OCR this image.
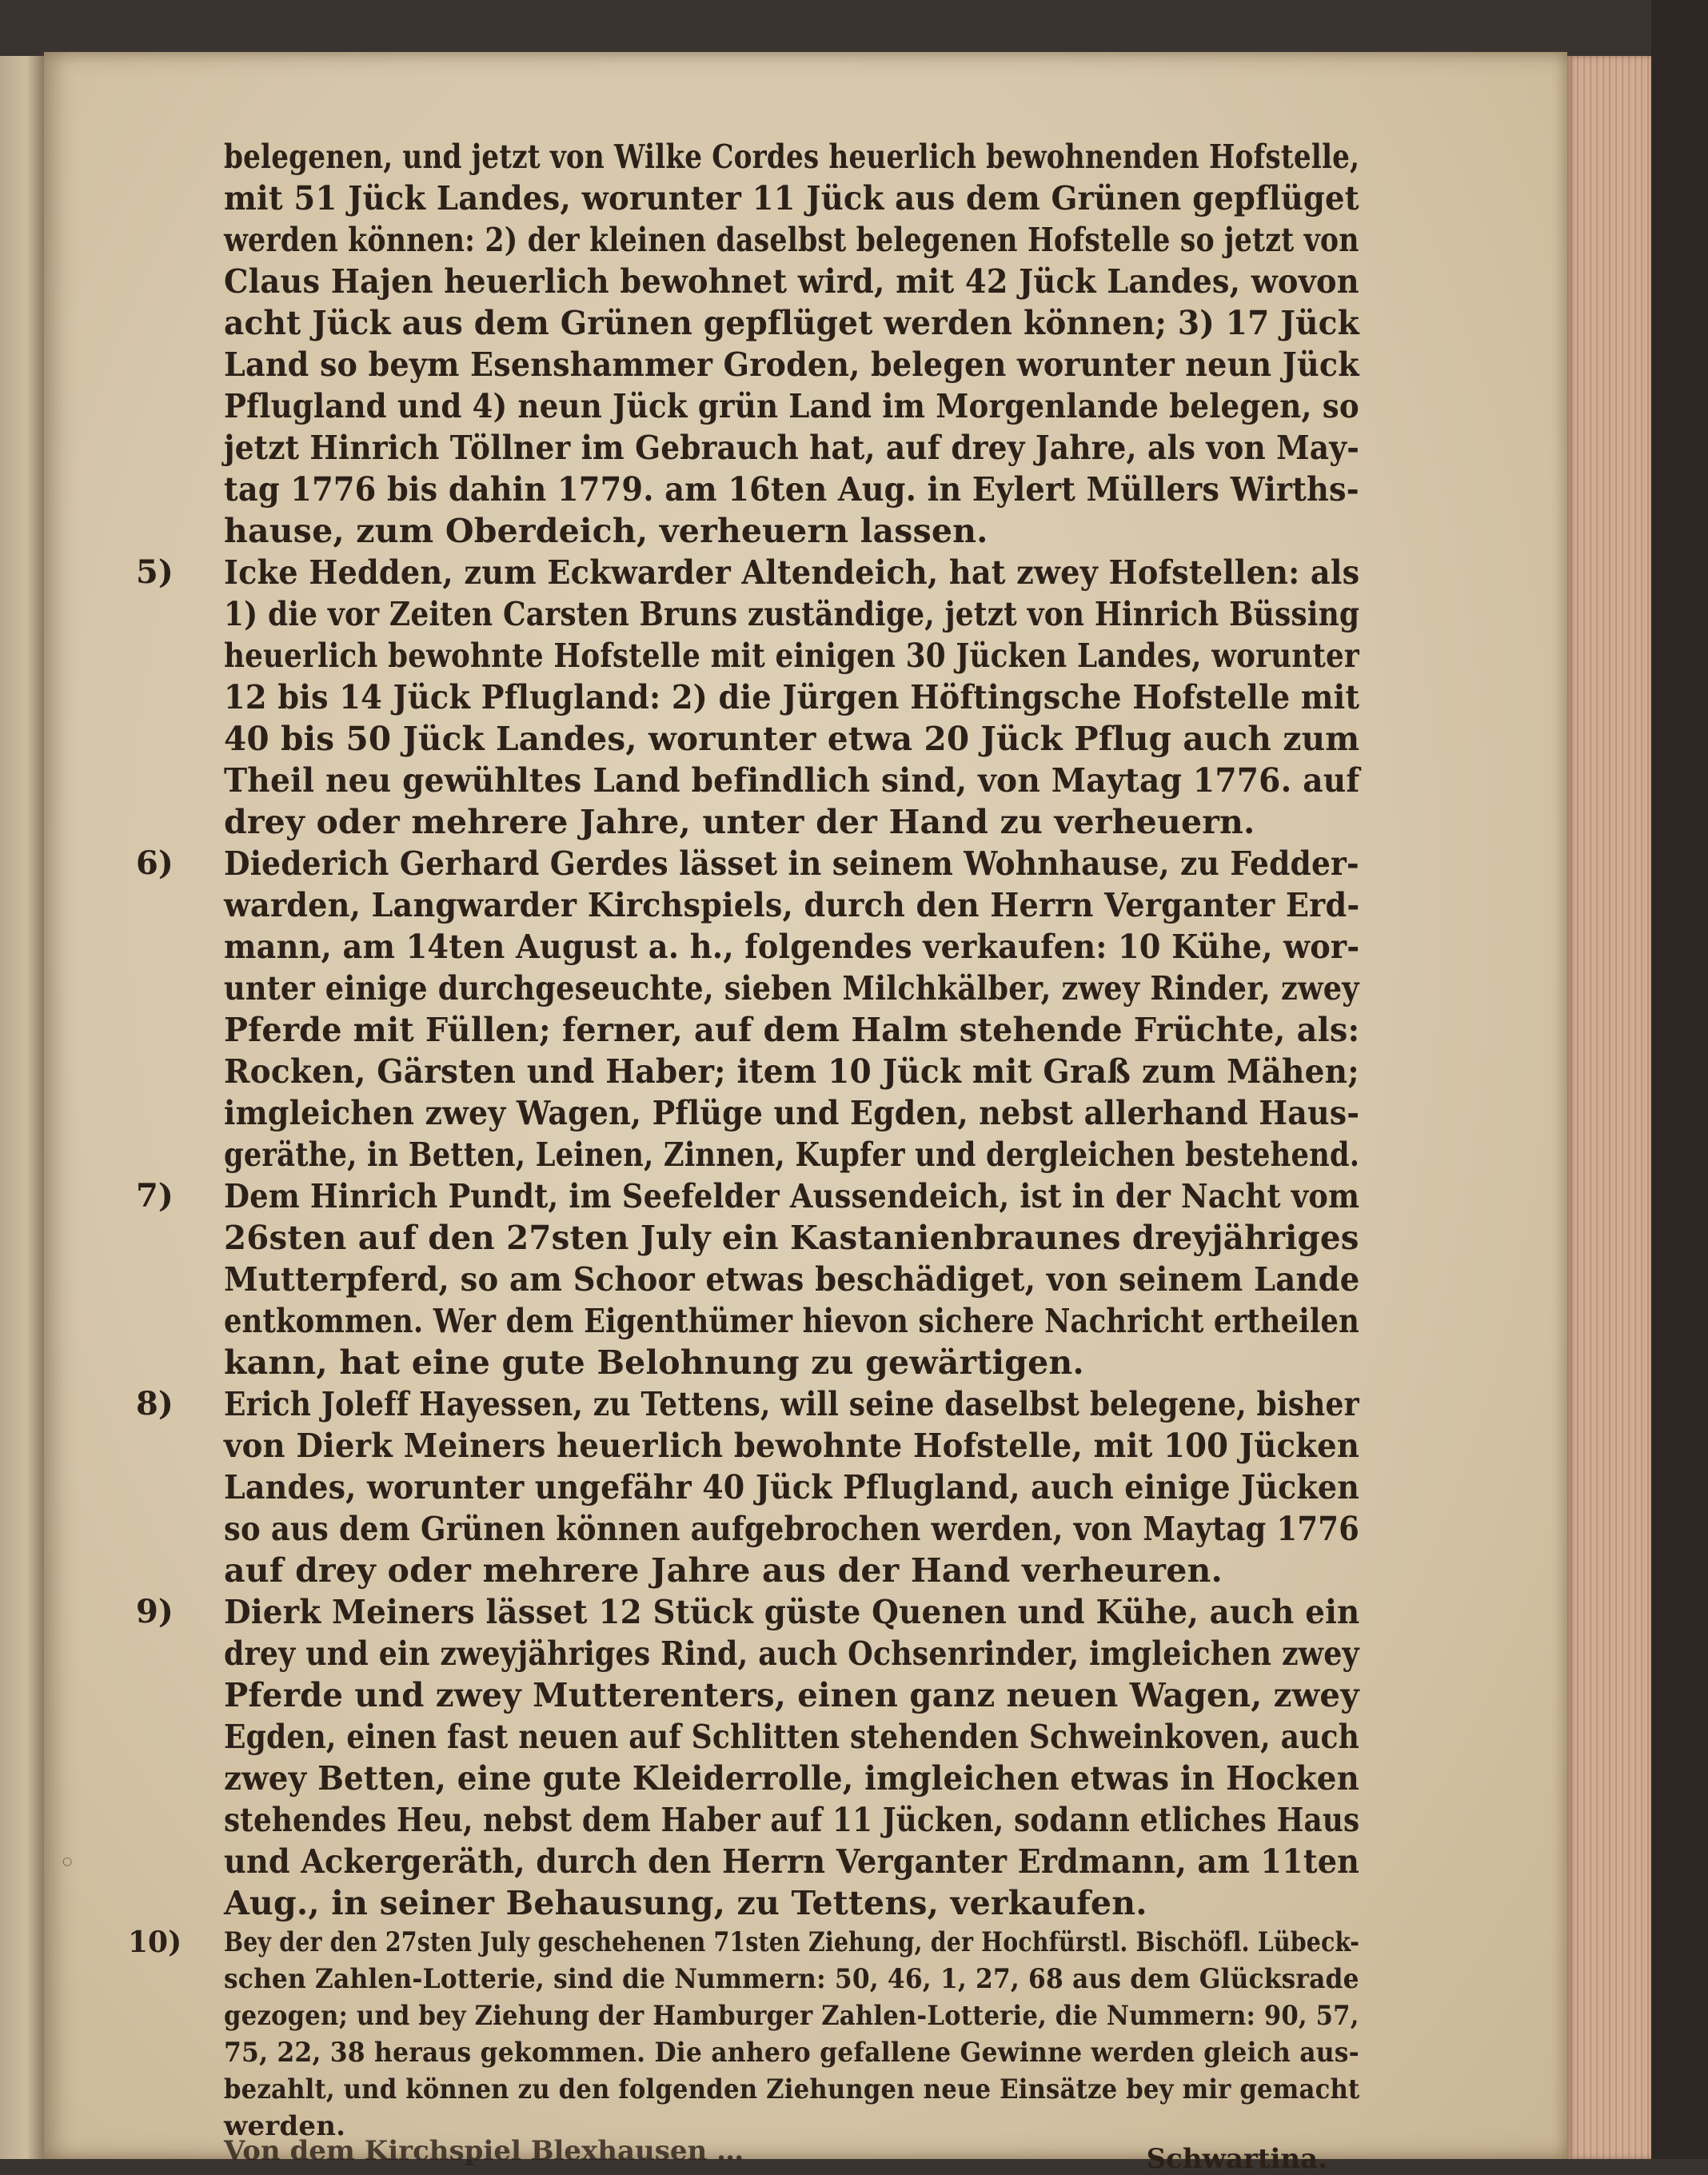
○
belegenen, und jetzt von Wilke Cordes heuerlich bewohnenden Hofstelle,
mit 51 Jück Landes, worunter 11 Jück aus dem Grünen gepflüget
werden können: 2) der kleinen daselbst belegenen Hofstelle so jetzt von
Claus Hajen heuerlich bewohnet wird, mit 42 Jück Landes, wovon
acht Jück aus dem Grünen gepflüget werden können; 3) 17 Jück
Land so beym Esenshammer Groden, belegen worunter neun Jück
Pflugland und 4) neun Jück grün Land im Morgenlande belegen, so
jetzt Hinrich Töllner im Gebrauch hat, auf drey Jahre, als von May-
tag 1776 bis dahin 1779. am 16ten Aug. in Eylert Müllers Wirths-
hause, zum Oberdeich, verheuern lassen.
5) Icke Hedden, zum Eckwarder Altendeich, hat zwey Hofstellen: als
1) die vor Zeiten Carsten Bruns zuständige, jetzt von Hinrich Büssing
heuerlich bewohnte Hofstelle mit einigen 30 Jücken Landes, worunter
12 bis 14 Jück Pflugland: 2) die Jürgen Höftingsche Hofstelle mit
40 bis 50 Jück Landes, worunter etwa 20 Jück Pflug auch zum
Theil neu gewühltes Land befindlich sind, von Maytag 1776. auf
drey oder mehrere Jahre, unter der Hand zu verheuern.
6) Diederich Gerhard Gerdes lässet in seinem Wohnhause, zu Fedder-
warden, Langwarder Kirchspiels, durch den Herrn Verganter Erd-
mann, am 14ten August a. h., folgendes verkaufen: 10 Kühe, wor-
unter einige durchgeseuchte, sieben Milchkälber, zwey Rinder, zwey
Pferde mit Füllen; ferner, auf dem Halm stehende Früchte, als:
Rocken, Gärsten und Haber; item 10 Jück mit Graß zum Mähen;
imgleichen zwey Wagen, Pflüge und Egden, nebst allerhand Haus-
geräthe, in Betten, Leinen, Zinnen, Kupfer und dergleichen bestehend.
7) Dem Hinrich Pundt, im Seefelder Aussendeich, ist in der Nacht vom
26sten auf den 27sten July ein Kastanienbraunes dreyjähriges
Mutterpferd, so am Schoor etwas beschädiget, von seinem Lande
entkommen. Wer dem Eigenthümer hievon sichere Nachricht ertheilen
kann, hat eine gute Belohnung zu gewärtigen.
8) Erich Joleff Hayessen, zu Tettens, will seine daselbst belegene, bisher
von Dierk Meiners heuerlich bewohnte Hofstelle, mit 100 Jücken
Landes, worunter ungefähr 40 Jück Pflugland, auch einige Jücken
so aus dem Grünen können aufgebrochen werden, von Maytag 1776
auf drey oder mehrere Jahre aus der Hand verheuren.
9) Dierk Meiners lässet 12 Stück güste Quenen und Kühe, auch ein
drey und ein zweyjähriges Rind, auch Ochsenrinder, imgleichen zwey
Pferde und zwey Mutterenters, einen ganz neuen Wagen, zwey
Egden, einen fast neuen auf Schlitten stehenden Schweinkoven, auch
zwey Betten, eine gute Kleiderrolle, imgleichen etwas in Hocken
stehendes Heu, nebst dem Haber auf 11 Jücken, sodann etliches Haus
und Ackergeräth, durch den Herrn Verganter Erdmann, am 11ten
Aug., in seiner Behausung, zu Tettens, verkaufen.
10) Bey der den 27sten July geschehenen 71sten Ziehung, der Hochfürstl. Bischöfl. Lübeck-
schen Zahlen-Lotterie, sind die Nummern: 50, 46, 1, 27, 68 aus dem Glücksrade
gezogen; und bey Ziehung der Hamburger Zahlen-Lotterie, die Nummern: 90, 57,
75, 22, 38 heraus gekommen. Die anhero gefallene Gewinne werden gleich aus-
bezahlt, und können zu den folgenden Ziehungen neue Einsätze bey mir gemacht
werden.
Schwartina.
Von dem Kirchspiel Blexhausen …
